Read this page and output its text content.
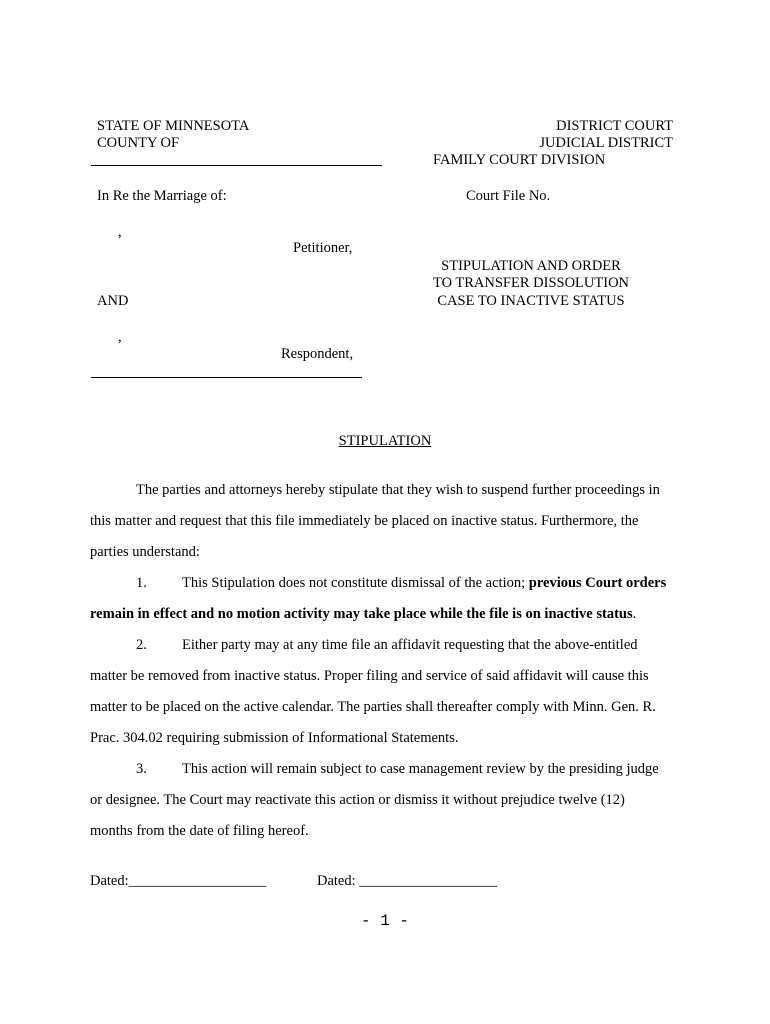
STATE OF MINNESOTA
COUNTY OF
DISTRICT COURT
JUDICIAL DISTRICT
FAMILY COURT DIVISION
In Re the Marriage of:	Court File No.
,
Petitioner,
STIPULATION AND ORDER
TO TRANSFER DISSOLUTION
CASE TO INACTIVE STATUS
AND
,
Respondent,
STIPULATION
The parties and attorneys hereby stipulate that they wish to suspend further proceedings in
this matter and request that this file immediately be placed on inactive status. Furthermore, the
parties understand:
1. This Stipulation does not constitute dismissal of the action; previous Court orders
remain in effect and no motion activity may take place while the file is on inactive status.
2. Either party may at any time file an affidavit requesting that the above-entitled
matter be removed from inactive status. Proper filing and service of said affidavit will cause this
matter to be placed on the active calendar. The parties shall thereafter comply with Minn. Gen. R.
Prac. 304.02 requiring submission of Informational Statements.
3. This action will remain subject to case management review by the presiding judge
or designee. The Court may reactivate this action or dismiss it without prejudice twelve (12)
months from the date of filing hereof.
Dated:___________________	Dated: ___________________
- 1 -
